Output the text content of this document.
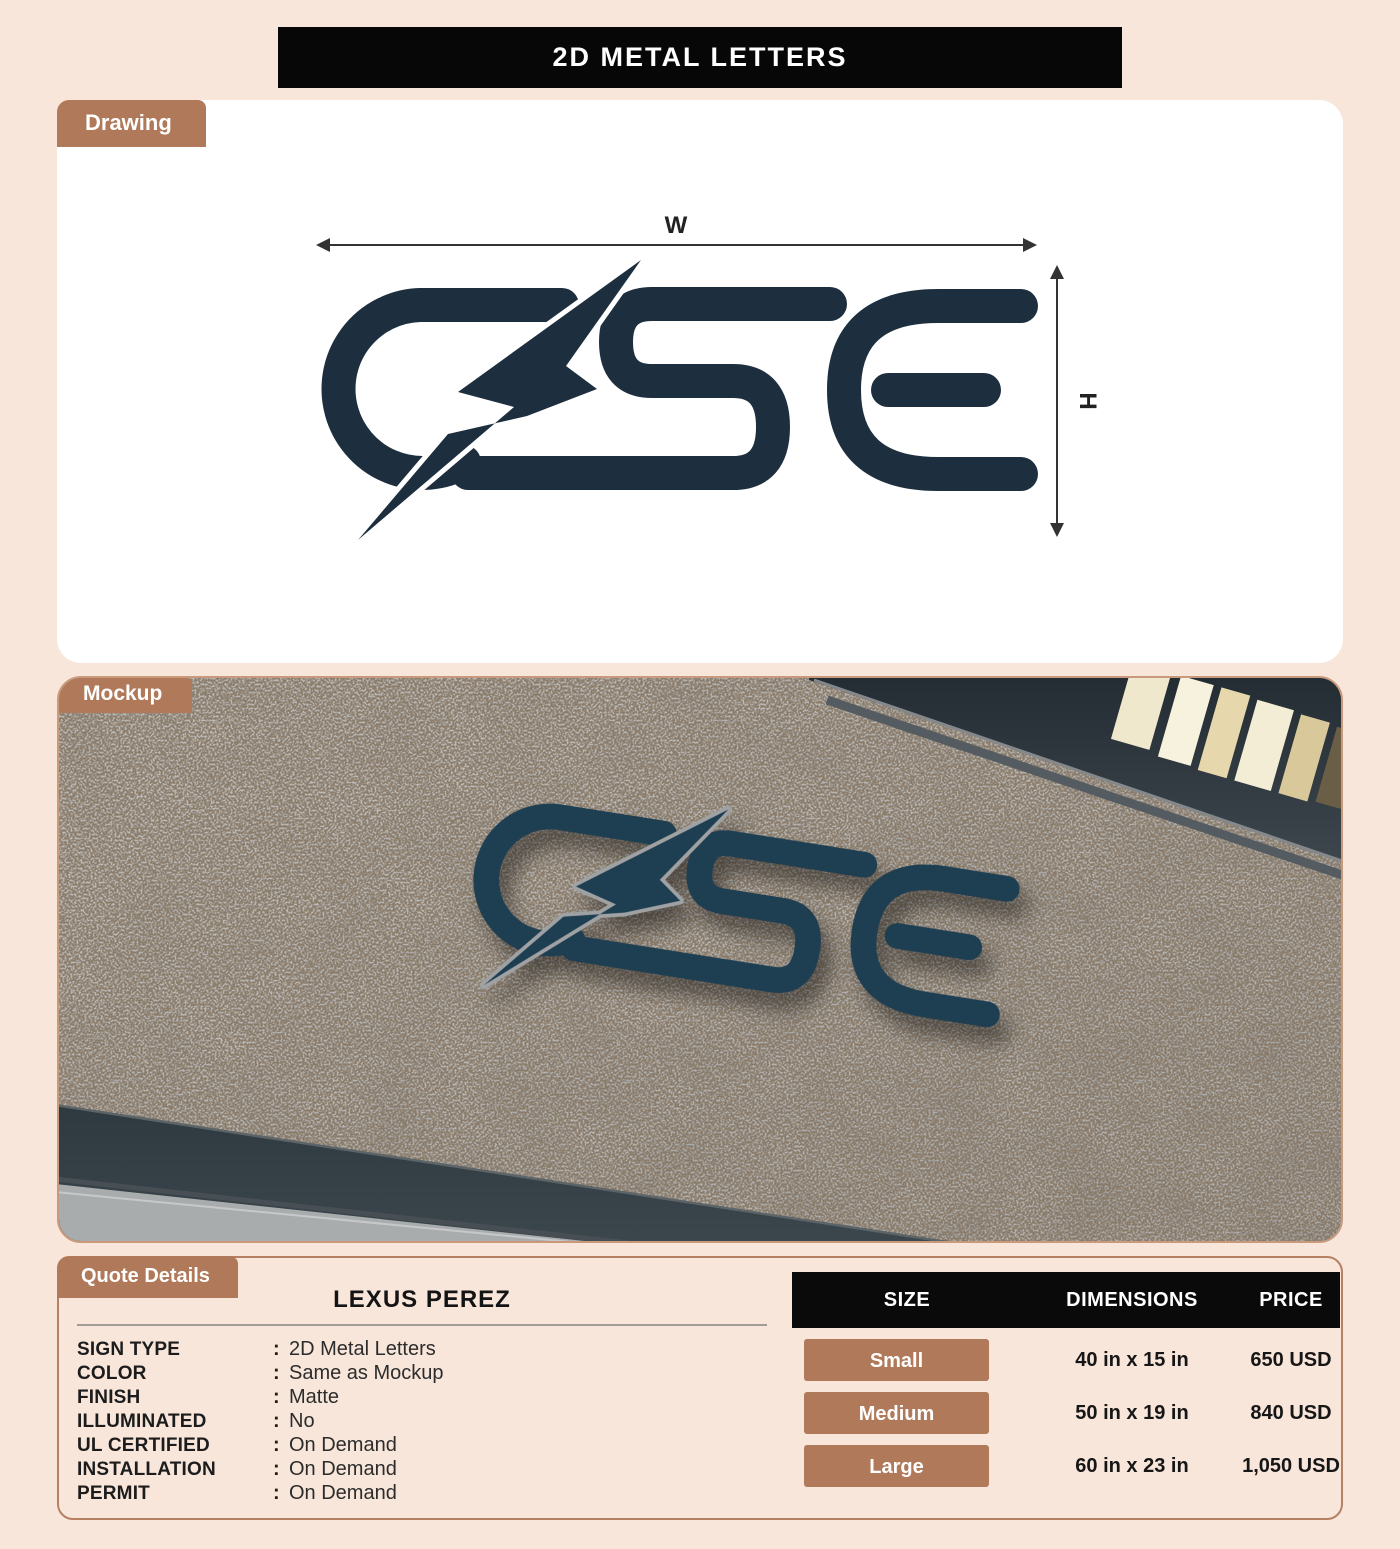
2D METAL LETTERS
Drawing
W
H
Mockup
Quote Details
LEXUS PEREZ
SIGN TYPE	: 2D Metal Letters
COLOR	: Same as Mockup
FINISH	: Matte
ILLUMINATED	: No
UL CERTIFIED	: On Demand
INSTALLATION	: On Demand
PERMIT	: On Demand
SIZE	DIMENSIONS	PRICE
Small	40 in x 15 in	650 USD
Medium	50 in x 19 in	840 USD
Large	60 in x 23 in	1,050 USD
